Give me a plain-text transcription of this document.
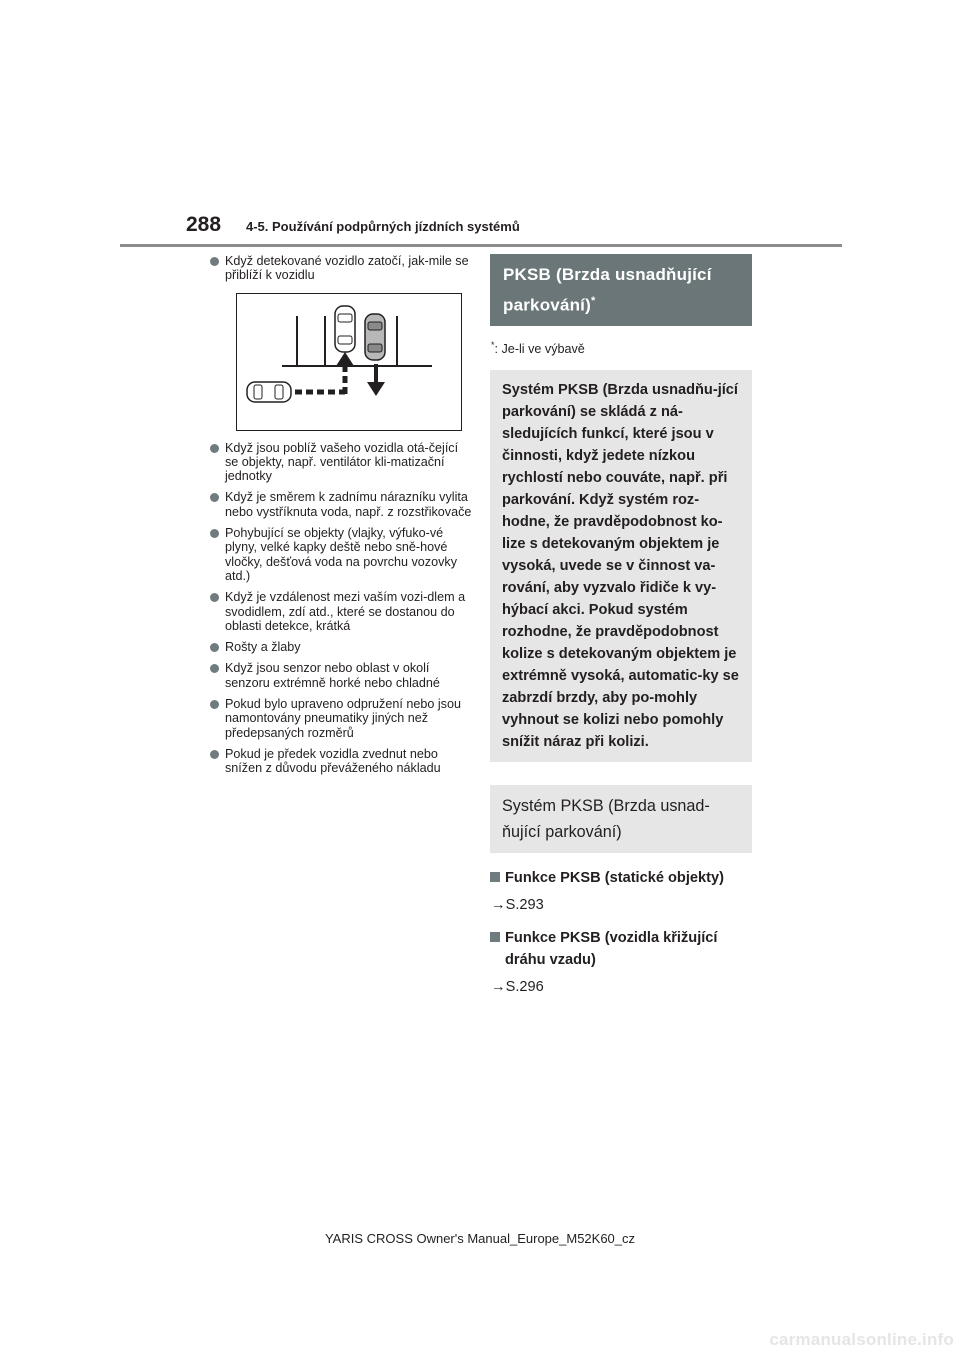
288 4-5. Používání podpůrných jízdních systémů
Když detekované vozidlo zatočí, jak-mile se přiblíží k vozidlu
Když jsou poblíž vašeho vozidla otá-čející se objekty, např. ventilátor kli-matizační jednotky
Když je směrem k zadnímu nárazníku vylita nebo vystříknuta voda, např. z rozstřikovače
Pohybující se objekty (vlajky, výfuko-vé plyny, velké kapky deště nebo sně-hové vločky, dešťová voda na povrchu vozovky atd.)
Když je vzdálenost mezi vaším vozi-dlem a svodidlem, zdí atd., které se dostanou do oblasti detekce, krátká
Rošty a žlaby
Když jsou senzor nebo oblast v okolí senzoru extrémně horké nebo chladné
Pokud bylo upraveno odpružení nebo jsou namontovány pneumatiky jiných než předepsaných rozměrů
Pokud je předek vozidla zvednut nebo snížen z důvodu převáženého nákladu
PKSB (Brzda usnadňující parkování)*
*: Je-li ve výbavě
Systém PKSB (Brzda usnadňu-jící parkování) se skládá z ná-sledujících funkcí, které jsou v činnosti, když jedete nízkou rychlostí nebo couváte, např. při parkování. Když systém roz-hodne, že pravděpodobnost ko-lize s detekovaným objektem je vysoká, uvede se v činnost va-rování, aby vyzvalo řidiče k vy-hýbací akci. Pokud systém rozhodne, že pravděpodobnost kolize s detekovaným objektem je extrémně vysoká, automatic-ky se zabrzdí brzdy, aby po-mohly vyhnout se kolizi nebo pomohly snížit náraz při kolizi.
Systém PKSB (Brzda usnad-ňující parkování)
Funkce PKSB (statické objekty)
→S.293
Funkce PKSB (vozidla křižující dráhu vzadu)
→S.296
YARIS CROSS Owner's Manual_Europe_M52K60_cz
carmanualsonline.info
